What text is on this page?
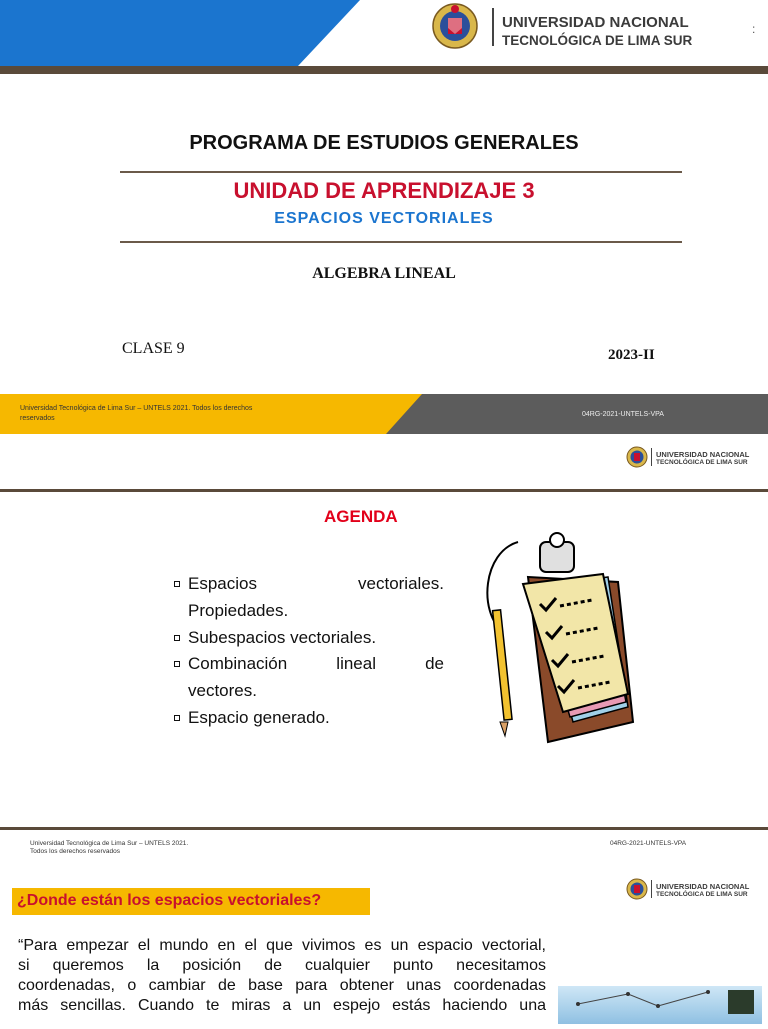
UNIVERSIDAD NACIONAL
TECNOLÓGICA DE LIMA SUR
:
PROGRAMA DE ESTUDIOS GENERALES
UNIDAD DE APRENDIZAJE 3
ESPACIOS VECTORIALES
ALGEBRA LINEAL
CLASE 9	2023-II
Universidad Tecnológica de Lima Sur – UNTELS 2021. Todos los derechos
reservados
04RG-2021-UNTELS-VPA
UNIVERSIDAD NACIONAL
TECNOLÓGICA DE LIMA SUR
AGENDA
Espacios vectoriales.
Propiedades.
Subespacios vectoriales.
Combinación lineal de
vectores.
Espacio generado.
Universidad Tecnológica de Lima Sur – UNTELS 2021.
Todos los derechos reservados
04RG-2021-UNTELS-VPA
UNIVERSIDAD NACIONAL
TECNOLÓGICA DE LIMA SUR
¿Donde están los espacios vectoriales?
“Para empezar el mundo en el que vivimos es un espacio vectorial,
si queremos la posición de cualquier punto necesitamos
coordenadas, o cambiar de base para obtener unas coordenadas
más sencillas. Cuando te miras a un espejo estás haciendo una
